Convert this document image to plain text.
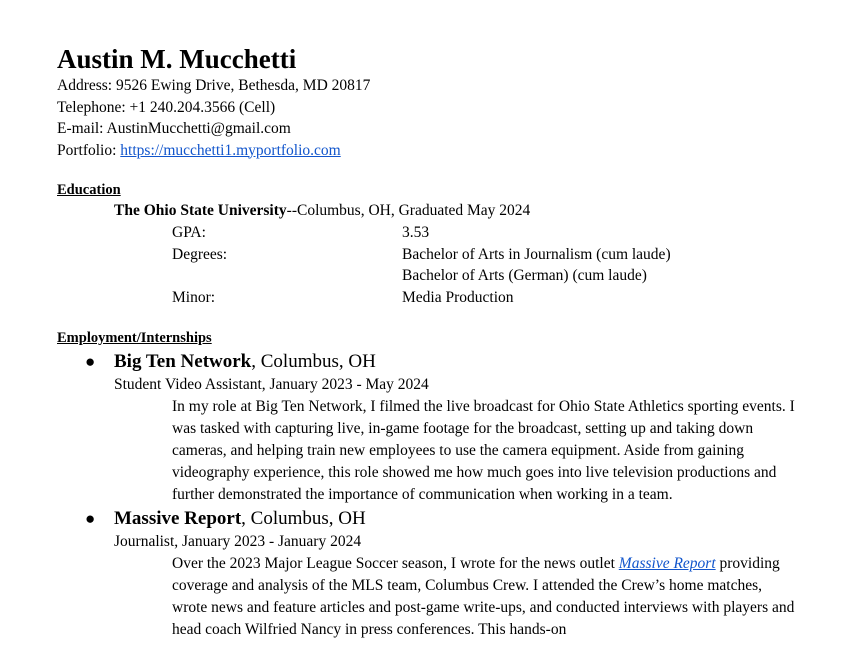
Austin M. Mucchetti
Address: 9526 Ewing Drive, Bethesda, MD 20817
Telephone: +1 240.204.3566 (Cell)
E-mail: AustinMucchetti@gmail.com
Portfolio: https://mucchetti1.myportfolio.com
Education
The Ohio State University--Columbus, OH, Graduated May 2024
GPA:	3.53
Degrees:	Bachelor of Arts in Journalism (cum laude)
Bachelor of Arts (German) (cum laude)
Minor:	Media Production
Employment/Internships
● Big Ten Network, Columbus, OH
Student Video Assistant, January 2023 - May 2024
In my role at Big Ten Network, I filmed the live broadcast for Ohio State Athletics sporting events. I was tasked with capturing live, in-game footage for the broadcast, setting up and taking down cameras, and helping train new employees to use the camera equipment. Aside from gaining videography experience, this role showed me how much goes into live television productions and further demonstrated the importance of communication when working in a team.
● Massive Report, Columbus, OH
Journalist, January 2023 - January 2024
Over the 2023 Major League Soccer season, I wrote for the news outlet Massive Report providing coverage and analysis of the MLS team, Columbus Crew. I attended the Crew’s home matches, wrote news and feature articles and post-game write-ups, and conducted interviews with players and head coach Wilfried Nancy in press conferences. This hands-on
